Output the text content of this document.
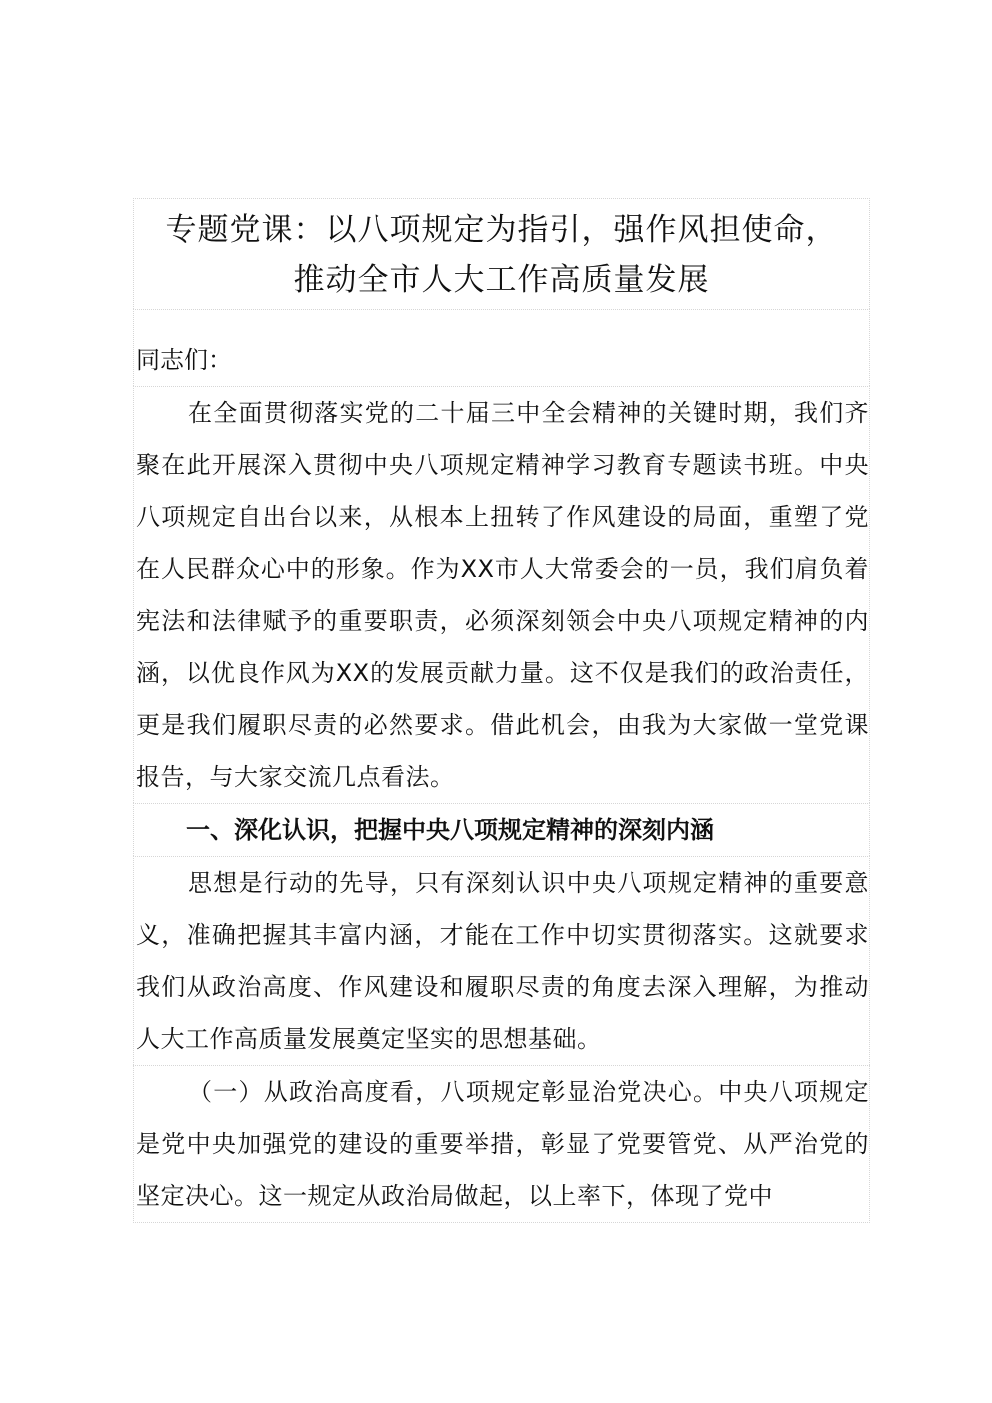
专题党课：以八项规定为指引，强作风担使命，
推动全市人大工作高质量发展
同志们：
在全面贯彻落实党的二十届三中全会精神的关键时期，我们齐聚在此开展深入贯彻中央八项规定精神学习教育专题读书班。中央八项规定自出台以来，从根本上扭转了作风建设的局面，重塑了党在人民群众心中的形象。作为XX市人大常委会的一员，我们肩负着宪法和法律赋予的重要职责，必须深刻领会中央八项规定精神的内涵，以优良作风为XX的发展贡献力量。这不仅是我们的政治责任，更是我们履职尽责的必然要求。借此机会，由我为大家做一堂党课报告，与大家交流几点看法。
一、深化认识，把握中央八项规定精神的深刻内涵
思想是行动的先导，只有深刻认识中央八项规定精神的重要意义，准确把握其丰富内涵，才能在工作中切实贯彻落实。这就要求我们从政治高度、作风建设和履职尽责的角度去深入理解，为推动人大工作高质量发展奠定坚实的思想基础。
（一）从政治高度看，八项规定彰显治党决心。中央八项规定是党中央加强党的建设的重要举措，彰显了党要管党、从严治党的坚定决心。这一规定从政治局做起，以上率下，体现了党中
